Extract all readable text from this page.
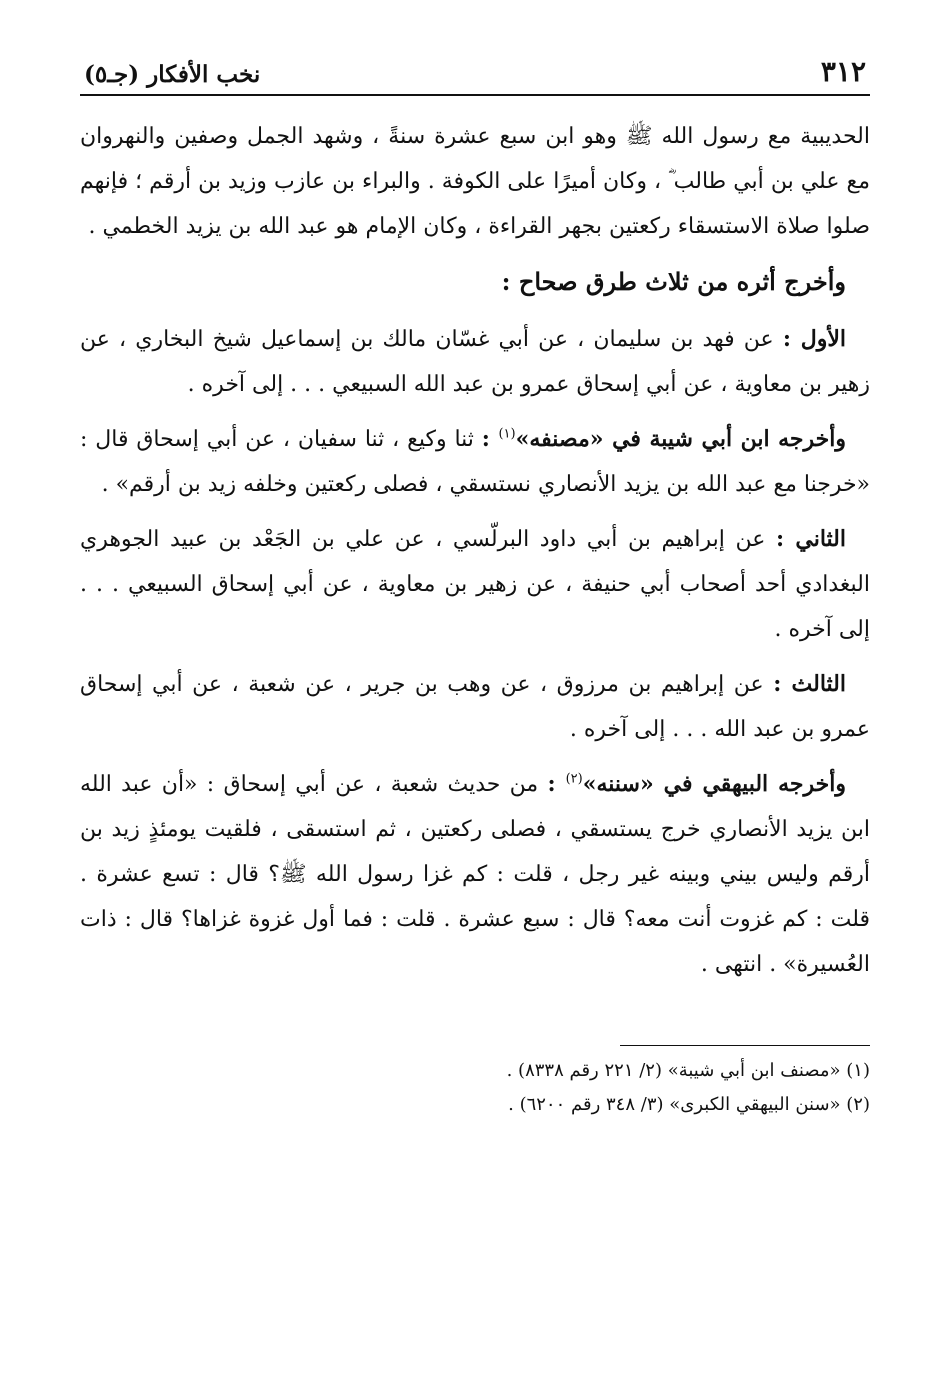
٣١٢
نخب الأفكار (جـ٥)

الحديبية مع رسول الله ﷺ وهو ابن سبع عشرة سنةً ، وشهد الجمل وصفين والنهروان مع علي بن أبي طالب ؓ ، وكان أميرًا على الكوفة . والبراء بن عازب وزيد بن أرقم ؛ فإنهم صلوا صلاة الاستسقاء ركعتين بجهر القراءة ، وكان الإمام هو عبد الله بن يزيد الخطمي .

وأخرج أثره من ثلاث طرق صحاح :

الأول : عن فهد بن سليمان ، عن أبي غسّان مالك بن إسماعيل شيخ البخاري ، عن زهير بن معاوية ، عن أبي إسحاق عمرو بن عبد الله السبيعي . . . إلى آخره .

وأخرجه ابن أبي شيبة في «مصنفه»$^{(١)}$ : ثنا وكيع ، ثنا سفيان ، عن أبي إسحاق قال : «خرجنا مع عبد الله بن يزيد الأنصاري نستسقي ، فصلى ركعتين وخلفه زيد بن أرقم» .

الثاني : عن إبراهيم بن أبي داود البرلّسي ، عن علي بن الجَعْد بن عبيد الجوهري البغدادي أحد أصحاب أبي حنيفة ، عن زهير بن معاوية ، عن أبي إسحاق السبيعي . . . إلى آخره .

الثالث : عن إبراهيم بن مرزوق ، عن وهب بن جرير ، عن شعبة ، عن أبي إسحاق عمرو بن عبد الله . . . إلى آخره .

وأخرجه البيهقي في «سننه»$^{(٢)}$ : من حديث شعبة ، عن أبي إسحاق : «أن عبد الله ابن يزيد الأنصاري خرج يستسقي ، فصلى ركعتين ، ثم استسقى ، فلقيت يومئذٍ زيد بن أرقم وليس بيني وبينه غير رجل ، قلت : كم غزا رسول الله ﷺ؟ قال : تسع عشرة . قلت : كم غزوت أنت معه؟ قال : سبع عشرة . قلت : فما أول غزوة غزاها؟ قال : ذات العُسيرة» . انتهى .

(١) «مصنف ابن أبي شيبة» (٢/ ٢٢١ رقم ٨٣٣٨) .
(٢) «سنن البيهقي الكبرى» (٣/ ٣٤٨ رقم ٦٢٠٠) .
